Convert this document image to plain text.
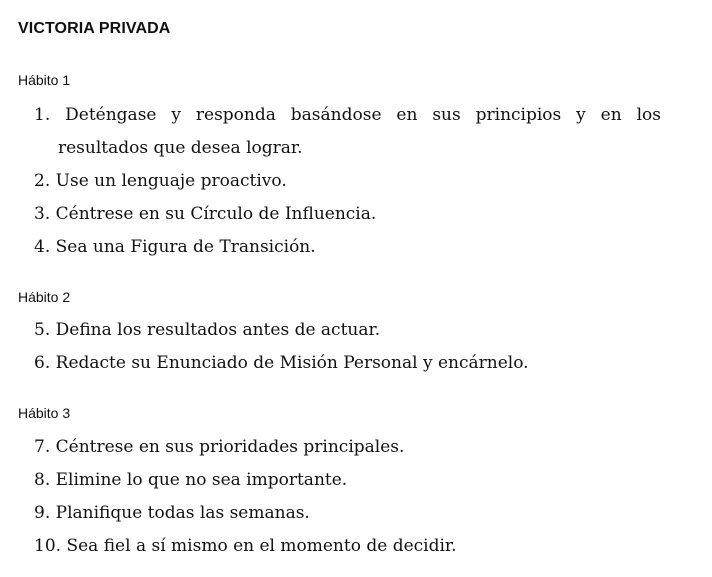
VICTORIA PRIVADA
Hábito 1
1. Deténgase y responda basándose en sus principios y en los
resultados que desea lograr.
2. Use un lenguaje proactivo.
3. Céntrese en su Círculo de Influencia.
4. Sea una Figura de Transición.
Hábito 2
5. Defina los resultados antes de actuar.
6. Redacte su Enunciado de Misión Personal y encárnelo.
Hábito 3
7. Céntrese en sus prioridades principales.
8. Elimine lo que no sea importante.
9. Planifique todas las semanas.
10. Sea fiel a sí mismo en el momento de decidir.
